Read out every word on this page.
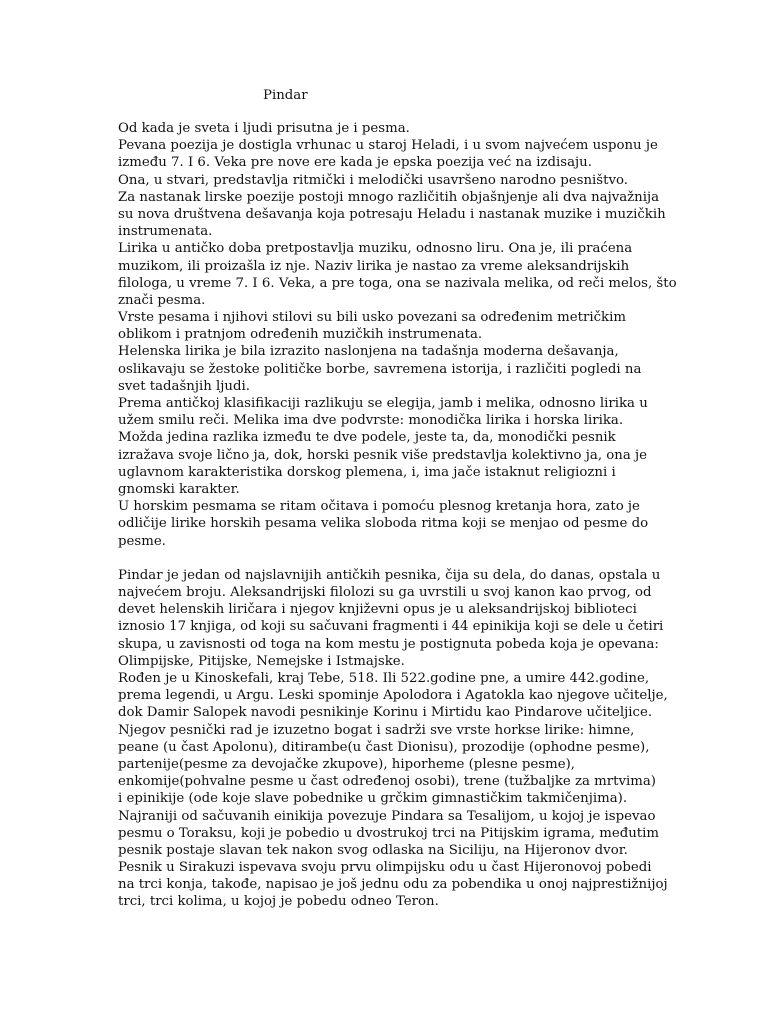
Pindar
Od kada je sveta i ljudi prisutna je i pesma.
Pevana poezija je dostigla vrhunac u staroj Heladi, i u svom najvećem usponu je
između 7. I 6. Veka pre nove ere kada je epska poezija već na izdisaju.
Ona, u stvari, predstavlja ritmički i melodički usavršeno narodno pesništvo.
Za nastanak lirske poezije postoji mnogo različitih objašnjenje ali dva najvažnija
su nova društvena dešavanja koja potresaju Heladu i nastanak muzike i muzičkih
instrumenata.
Lirika u antičko doba pretpostavlja muziku, odnosno liru. Ona je, ili praćena
muzikom, ili proizašla iz nje. Naziv lirika je nastao za vreme aleksandrijskih
filologa, u vreme 7. I 6. Veka, a pre toga, ona se nazivala melika, od reči melos, što
znači pesma.
Vrste pesama i njihovi stilovi su bili usko povezani sa određenim metričkim
oblikom i pratnjom određenih muzičkih instrumenata.
Helenska lirika je bila izrazito naslonjena na tadašnja moderna dešavanja,
oslikavaju se žestoke političke borbe, savremena istorija, i različiti pogledi na
svet tadašnjih ljudi.
Prema antičkoj klasifikaciji razlikuju se elegija, jamb i melika, odnosno lirika u
užem smilu reči. Melika ima dve podvrste: monodička lirika i horska lirika.
Možda jedina razlika između te dve podele, jeste ta, da, monodički pesnik
izražava svoje lično ja, dok, horski pesnik više predstavlja kolektivno ja, ona je
uglavnom karakteristika dorskog plemena, i, ima jače istaknut religiozni i
gnomski karakter.
U horskim pesmama se ritam očitava i pomoću plesnog kretanja hora, zato je
odličije lirike horskih pesama velika sloboda ritma koji se menjao od pesme do
pesme.
Pindar je jedan od najslavnijih antičkih pesnika, čija su dela, do danas, opstala u
najvećem broju. Aleksandrijski filolozi su ga uvrstili u svoj kanon kao prvog, od
devet helenskih liričara i njegov književni opus je u aleksandrijskoj biblioteci
iznosio 17 knjiga, od koji su sačuvani fragmenti i 44 epinikija koji se dele u četiri
skupa, u zavisnosti od toga na kom mestu je postignuta pobeda koja je opevana:
Olimpijske, Pitijske, Nemejske i Istmajske.
Rođen je u Kinoskefali, kraj Tebe, 518. Ili 522.godine pne, a umire 442.godine,
prema legendi, u Argu. Leski spominje Apolodora i Agatokla kao njegove učitelje,
dok Damir Salopek navodi pesnikinje Korinu i Mirtidu kao Pindarove učiteljice.
Njegov pesnički rad je izuzetno bogat i sadrži sve vrste horkse lirike: himne,
peane (u čast Apolonu), ditirambe(u čast Dionisu), prozodije (ophodne pesme),
partenije(pesme za devojačke zkupove), hiporheme (plesne pesme),
enkomije(pohvalne pesme u čast određenoj osobi), trene (tužbaljke za mrtvima)
i epinikije (ode koje slave pobednike u grčkim gimnastičkim takmičenjima).
Najraniji od sačuvanih einikija povezuje Pindara sa Tesalijom, u kojoj je ispevao
pesmu o Toraksu, koji je pobedio u dvostrukoj trci na Pitijskim igrama, međutim
pesnik postaje slavan tek nakon svog odlaska na Siciliju, na Hijeronov dvor.
Pesnik u Sirakuzi ispevava svoju prvu olimpijsku odu u čast Hijeronovoj pobedi
na trci konja, takođe, napisao je još jednu odu za pobendika u onoj najprestižnijoj
trci, trci kolima, u kojoj je pobedu odneo Teron.
